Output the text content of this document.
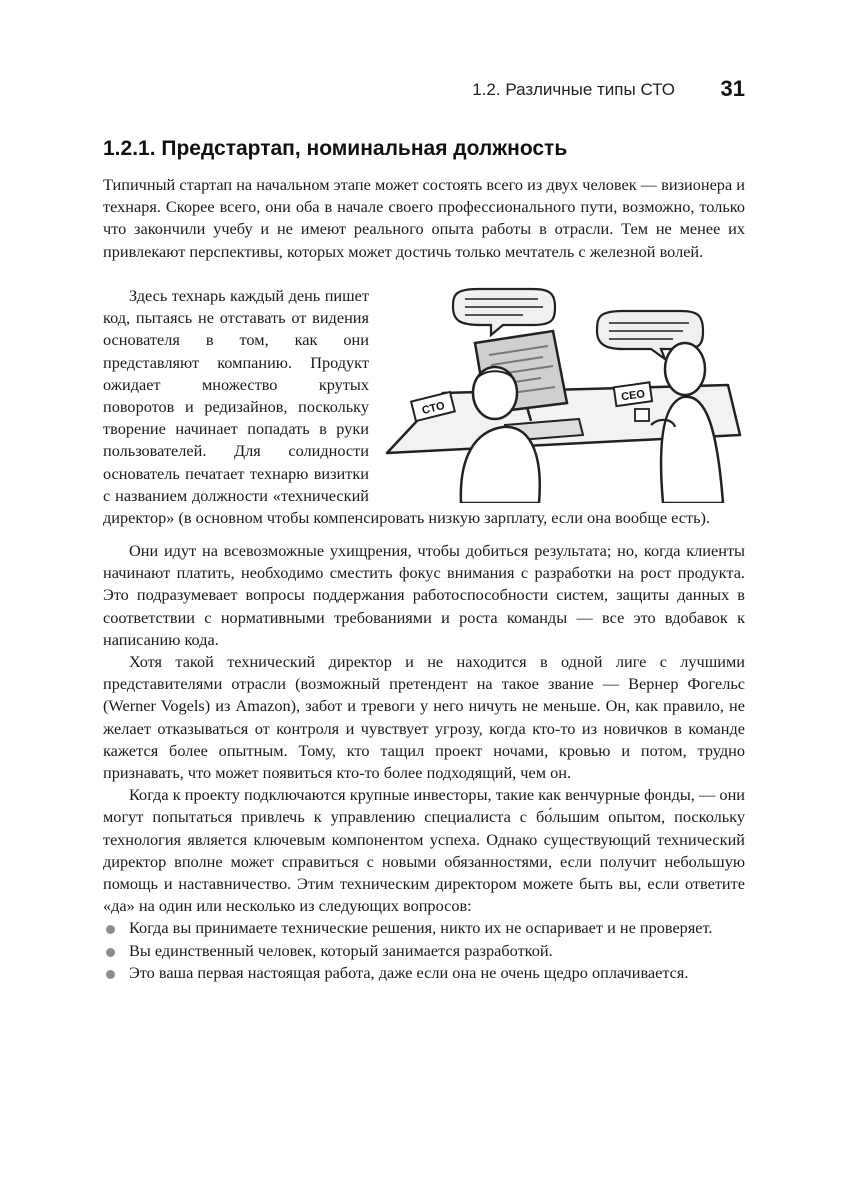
1.2. Различные типы СТО 31
1.2.1. Предстартап, номинальная должность

Типичный стартап на начальном этапе может состоять всего из двух человек — визионера и технаря. Скорее всего, они оба в начале своего профессионального пути, возможно, только что закончили учебу и не имеют реального опыта работы в отрасли. Тем не менее их привлекают перспективы, которых может достичь только мечтатель с железной волей.

CTO
CEO

Здесь технарь каждый день пишет код, пытаясь не отставать от видения основателя в том, как они представляют компанию. Продукт ожидает множество крутых поворотов и редизайнов, поскольку творение начинает попадать в руки пользователей. Для солидности основатель печатает технарю визитки с названием должности «технический директор» (в основном чтобы компенсировать низкую зарплату, если она вообще есть).

Они идут на всевозможные ухищрения, чтобы добиться результата; но, когда клиенты начинают платить, необходимо сместить фокус внимания с разработки на рост продукта. Это подразумевает вопросы поддержания работоспособности систем, защиты данных в соответствии с нормативными требованиями и роста команды — все это вдобавок к написанию кода.

Хотя такой технический директор и не находится в одной лиге с лучшими представителями отрасли (возможный претендент на такое звание — Вернер Фогельс (Werner Vogels) из Amazon), забот и тревоги у него ничуть не меньше. Он, как правило, не желает отказываться от контроля и чувствует угрозу, когда кто-то из новичков в команде кажется более опытным. Тому, кто тащил проект ночами, кровью и потом, трудно признавать, что может появиться кто-то более подходящий, чем он.

Когда к проекту подключаются крупные инвесторы, такие как венчурные фонды, — они могут попытаться привлечь к управлению специалиста с бо́льшим опытом, поскольку технология является ключевым компонентом успеха. Однако существующий технический директор вполне может справиться с новыми обязанностями, если получит небольшую помощь и наставничество. Этим техническим директором можете быть вы, если ответите «да» на один или несколько из следующих вопросов:

Когда вы принимаете технические решения, никто их не оспаривает и не проверяет.
Вы единственный человек, который занимается разработкой.
Это ваша первая настоящая работа, даже если она не очень щедро оплачивается.
